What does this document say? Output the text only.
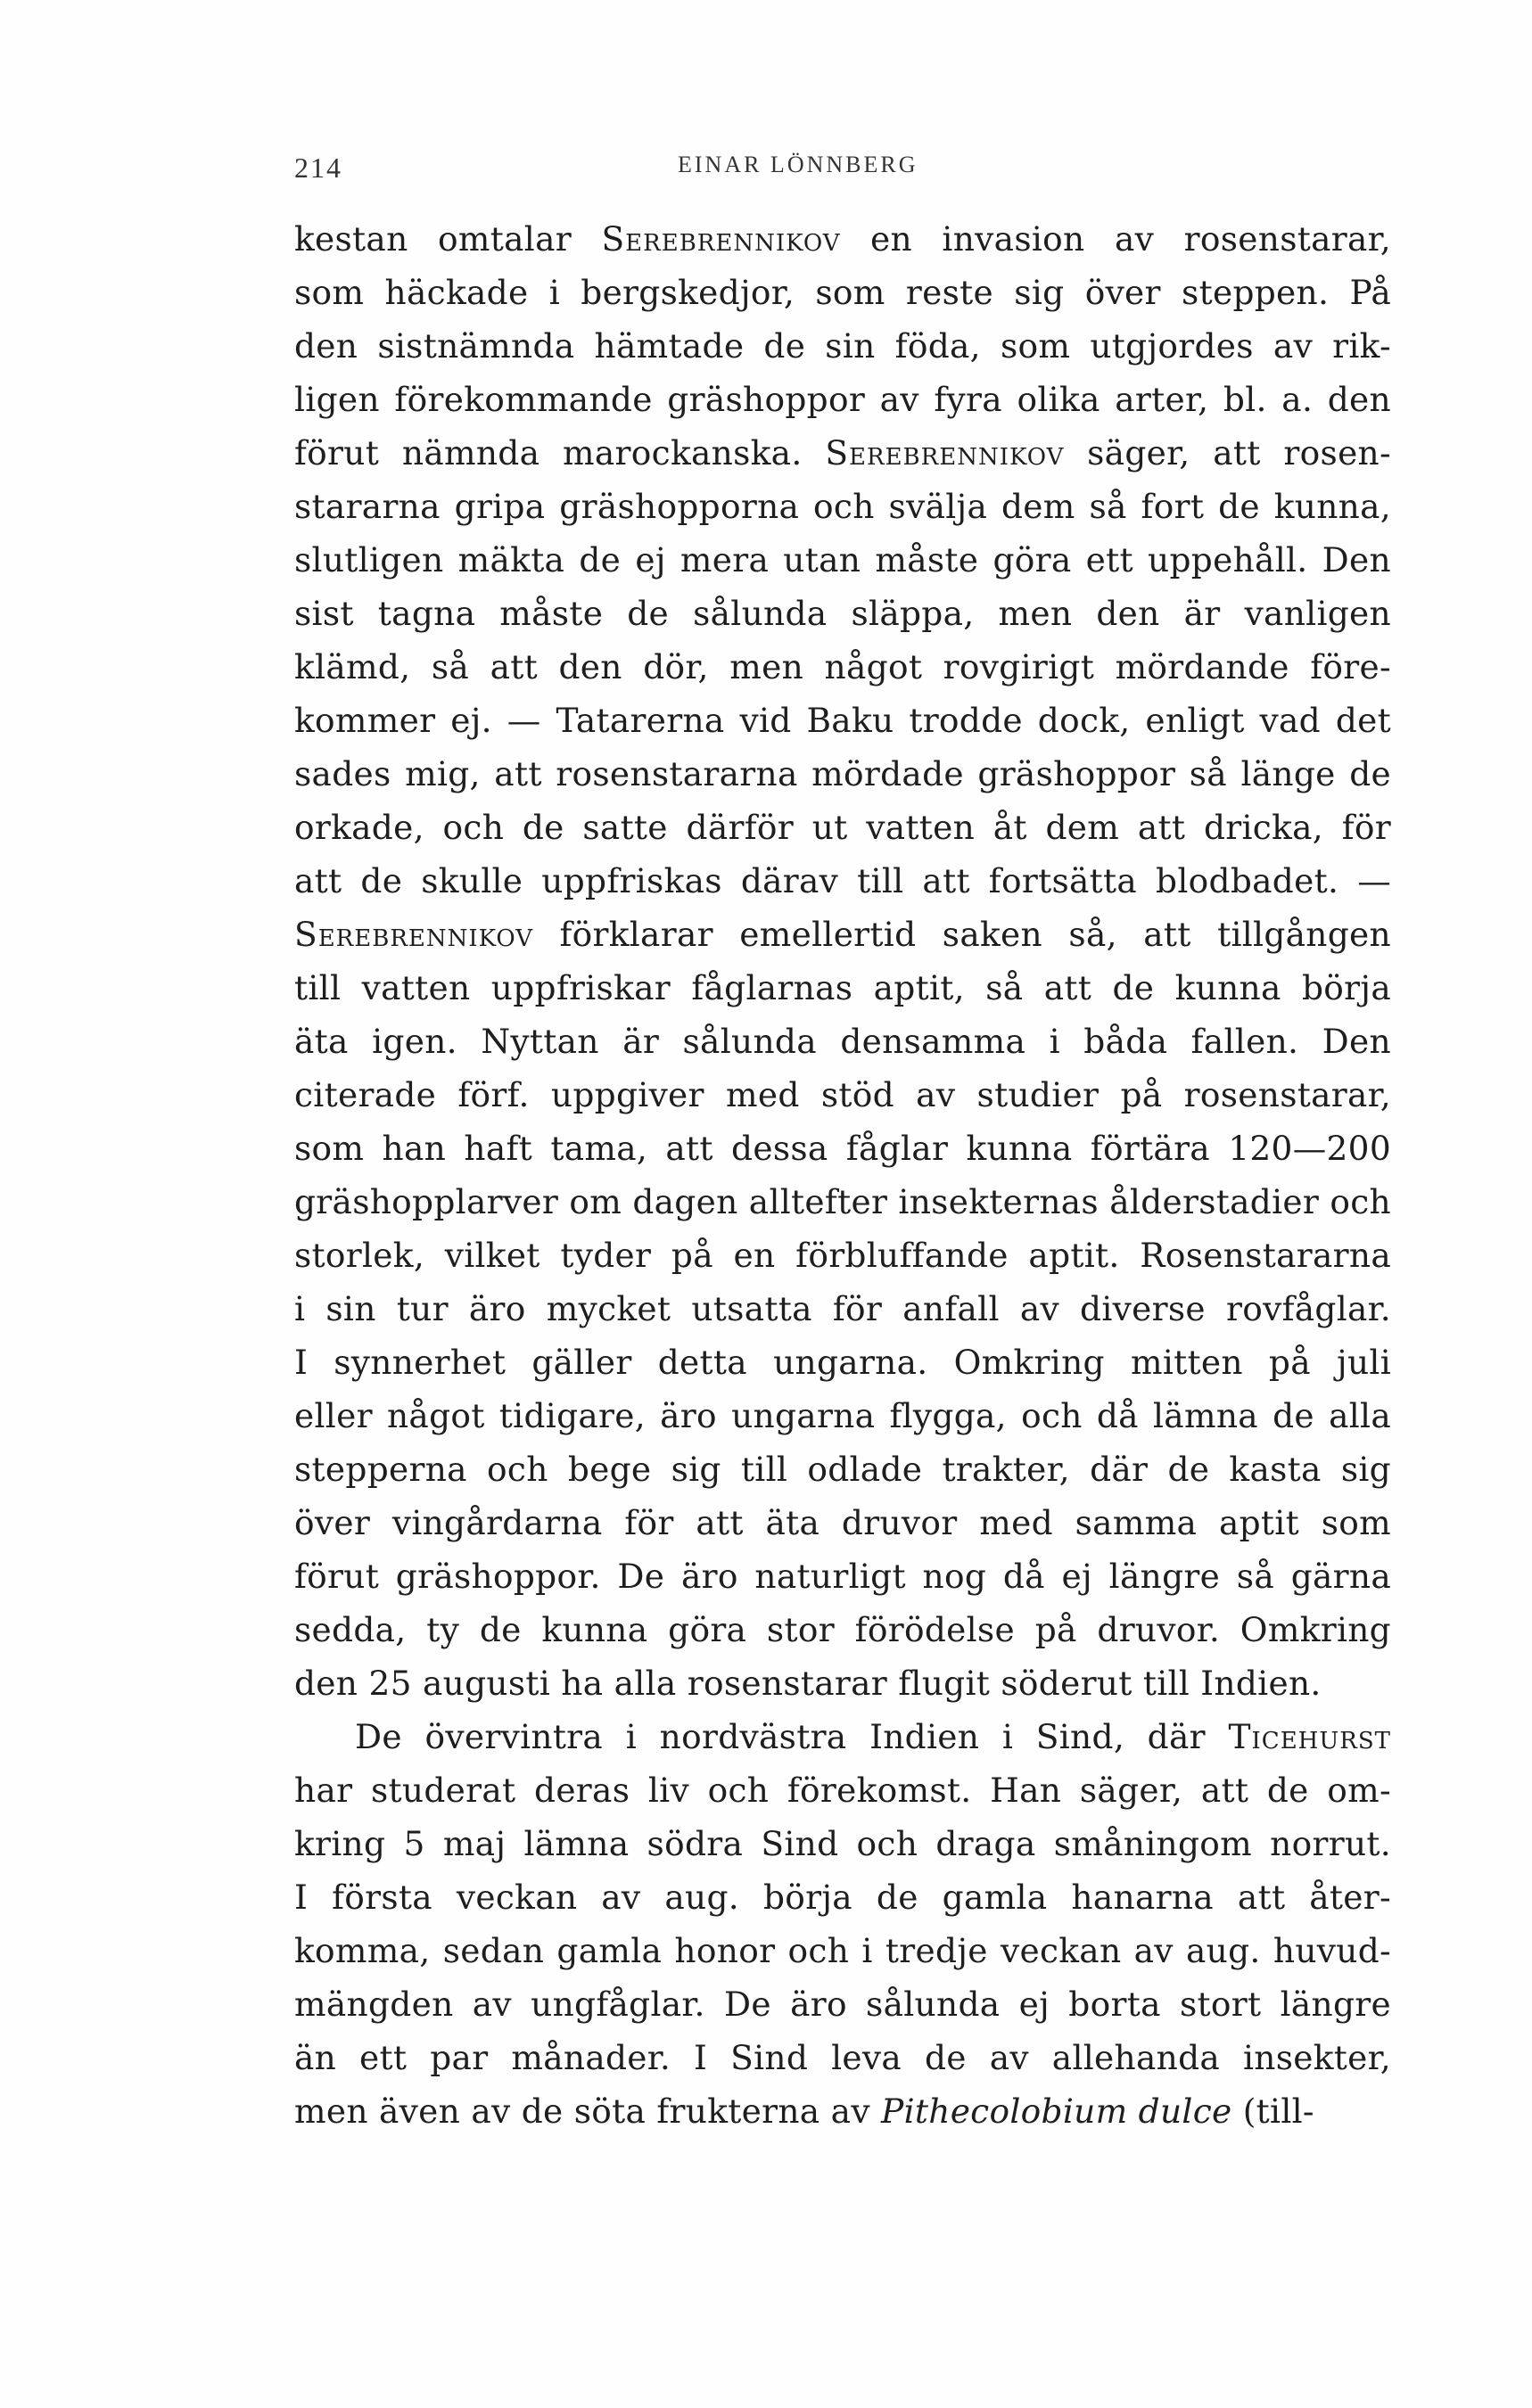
214	EINAR LÖNNBERG
kestan omtalar Serebrennikov en invasion av rosenstarar,
som häckade i bergskedjor, som reste sig över steppen. På
den sistnämnda hämtade de sin föda, som utgjordes av rik-
ligen förekommande gräshoppor av fyra olika arter, bl. a. den
förut nämnda marockanska. Serebrennikov säger, att rosen-
stararna gripa gräshopporna och svälja dem så fort de kunna,
slutligen mäkta de ej mera utan måste göra ett uppehåll. Den
sist tagna måste de sålunda släppa, men den är vanligen
klämd, så att den dör, men något rovgirigt mördande före-
kommer ej. — Tatarerna vid Baku trodde dock, enligt vad det
sades mig, att rosenstararna mördade gräshoppor så länge de
orkade, och de satte därför ut vatten åt dem att dricka, för
att de skulle uppfriskas därav till att fortsätta blodbadet. —
Serebrennikov förklarar emellertid saken så, att tillgången
till vatten uppfriskar fåglarnas aptit, så att de kunna börja
äta igen. Nyttan är sålunda densamma i båda fallen. Den
citerade förf. uppgiver med stöd av studier på rosenstarar,
som han haft tama, att dessa fåglar kunna förtära 120—200
gräshopplarver om dagen alltefter insekternas ålderstadier och
storlek, vilket tyder på en förbluffande aptit. Rosenstararna
i sin tur äro mycket utsatta för anfall av diverse rovfåglar.
I synnerhet gäller detta ungarna. Omkring mitten på juli
eller något tidigare, äro ungarna flygga, och då lämna de alla
stepperna och bege sig till odlade trakter, där de kasta sig
över vingårdarna för att äta druvor med samma aptit som
förut gräshoppor. De äro naturligt nog då ej längre så gärna
sedda, ty de kunna göra stor förödelse på druvor. Omkring
den 25 augusti ha alla rosenstarar flugit söderut till Indien.
De övervintra i nordvästra Indien i Sind, där Ticehurst
har studerat deras liv och förekomst. Han säger, att de om-
kring 5 maj lämna södra Sind och draga småningom norrut.
I första veckan av aug. börja de gamla hanarna att åter-
komma, sedan gamla honor och i tredje veckan av aug. huvud-
mängden av ungfåglar. De äro sålunda ej borta stort längre
än ett par månader. I Sind leva de av allehanda insekter,
men även av de söta frukterna av Pithecolobium dulce (till-
